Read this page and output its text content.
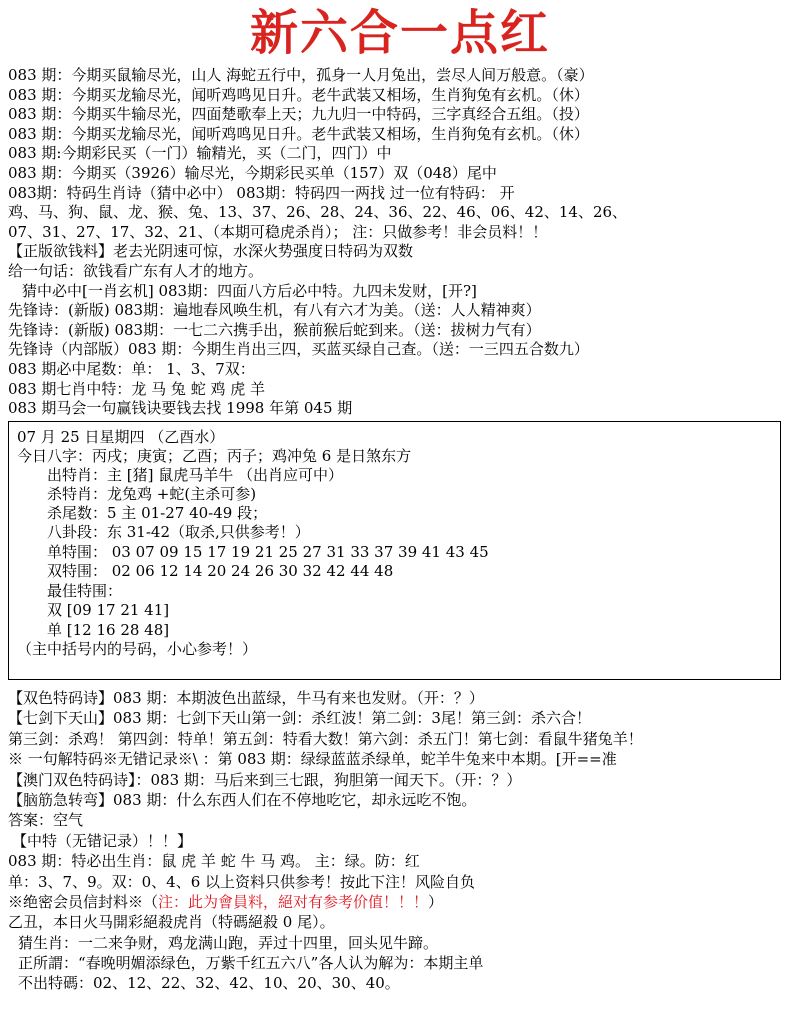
新六合一点红
083 期：今期买鼠输尽光，山人 海蛇五行中，孤身一人月兔出，尝尽人间万般意。（豪）
083 期：今期买龙输尽光，闻听鸡鸣见日升。老牛武装又相场，生肖狗兔有玄机。（休）
083 期：今期买牛输尽光，四面楚歌奉上天；九九归一中特码，三字真经合五组。（投）
083 期：今期买龙输尽光，闻听鸡鸣见日升。老牛武装又相场，生肖狗兔有玄机。（休）
083 期:今期彩民买（一门）输精光，买（二门，四门）中
083 期：今期买（3926）输尽光，今期彩民买单（157）双（048）尾中
083期：特码生肖诗（猜中必中） 083期：特码四一两找 过一位有特码： 开
鸡、马、狗、鼠、龙、猴、兔、13、37、26、28、24、36、22、46、06、42、14、26、
07、31、27、17、32、21、（本期可稳虎杀肖）； 注：只做参考！非会员料！！
【正版欲钱料】老去光阴速可惊，水深火势强度日特码为双数
给一句话：欲钱看广东有人才的地方。
猜中必中[一肖玄机] 083期：四面八方后必中特。九四未发财，[开?]
先锋诗：(新版) 083期：遍地春风唤生机，有八有六才为美。（送：人人精神爽）
先锋诗：(新版) 083期：一七二六携手出，猴前猴后蛇到来。（送：拔树力气有）
先锋诗（内部版）083 期：今期生肖出三四，买蓝买绿自己查。（送：一三四五合数九）
083 期必中尾数：单： 1、3、7双：
083 期七肖中特：龙 马 兔 蛇 鸡 虎 羊
083 期马会一句赢钱诀要钱去找 1998 年第 045 期
07 月 25 日星期四 （乙酉水）
今日八字：丙戌；庚寅；乙酉；丙子；鸡冲兔 6 是日煞东方
出特肖：主 [猪] 鼠虎马羊牛 （出肖应可中）
杀特肖：龙兔鸡 +蛇(主杀可参)
杀尾数：5 主 01-27 40-49 段；
八卦段：东 31-42（取杀,只供参考！）
单特围： 03 07 09 15 17 19 21 25 27 31 33 37 39 41 43 45
双特围： 02 06 12 14 20 24 26 30 32 42 44 48
最佳特围：
双 [09 17 21 41]
单 [12 16 28 48]
（主中括号内的号码，小心参考！）
【双色特码诗】083 期：本期波色出蓝绿，牛马有来也发财。（开：？）
【七剑下天山】083 期：七剑下天山第一剑：杀红波！第二剑：3尾！第三剑：杀六合！
第三剑：杀鸡！ 第四剑：特单！第五剑：特看大数！第六剑：杀五门！第七剑：看鼠牛猪兔羊！
※ 一句解特码※无错记录※\ ：第 083 期：绿绿蓝蓝杀绿单，蛇羊牛兔来中本期。[开==准
【澳门双色特码诗】：083 期：马后来到三七跟，狗胆第一闻天下。（开：？）
【脑筋急转弯】083 期：什么东西人们在不停地吃它，却永远吃不饱。
答案：空气
【中特（无错记录）！！】
083 期：特必出生肖：鼠 虎 羊 蛇 牛 马 鸡。 主：绿。防：红
单：3、7、9。双：0、4、6 以上资料只供参考！按此下注！风险自负
※绝密会员信封料※（注：此为會員料，絕对有参考价值！！！）
乙丑，本日火马開彩絕殺虎肖（特碼絕殺 0 尾）。
猜生肖：一二来争财，鸡龙满山跑，弄过十四里，回头见牛蹄。
正所謂：“春晚明媚添绿色，万紫千红五六八”各人认为解为：本期主单
不出特碼：02、12、22、32、42、10、20、30、40。
